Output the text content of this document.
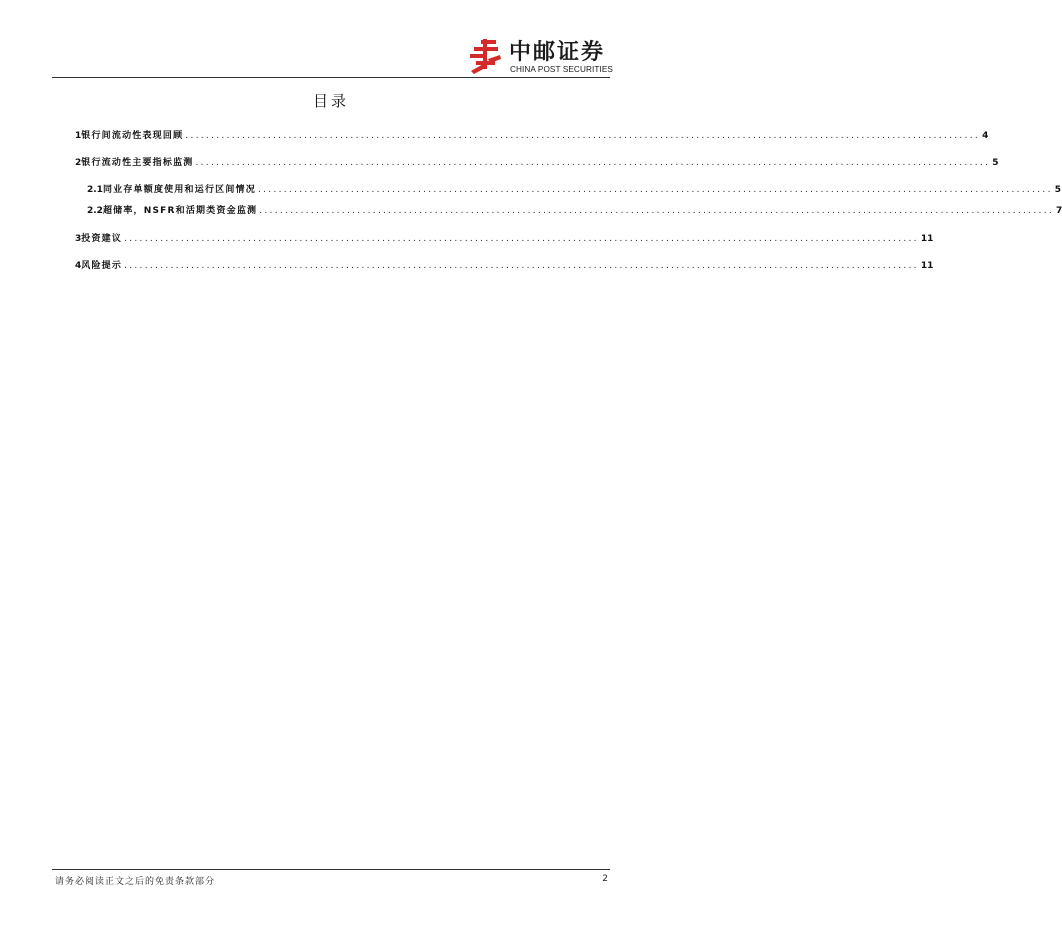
中邮证券
CHINA POST SECURITIES
目录
1 银行间流动性表现回顾 .......................................................................................................................................................... 4
2 银行流动性主要指标监测 .......................................................................................................................................................... 5
2.1 同业存单额度使用和运行区间情况 .......................................................................................................................................................... 5
2.2 超储率，NSFR和活期类资金监测 .......................................................................................................................................................... 7
3 投资建议 .......................................................................................................................................................... 11
4 风险提示 .......................................................................................................................................................... 11
请务必阅读正文之后的免责条款部分	2
